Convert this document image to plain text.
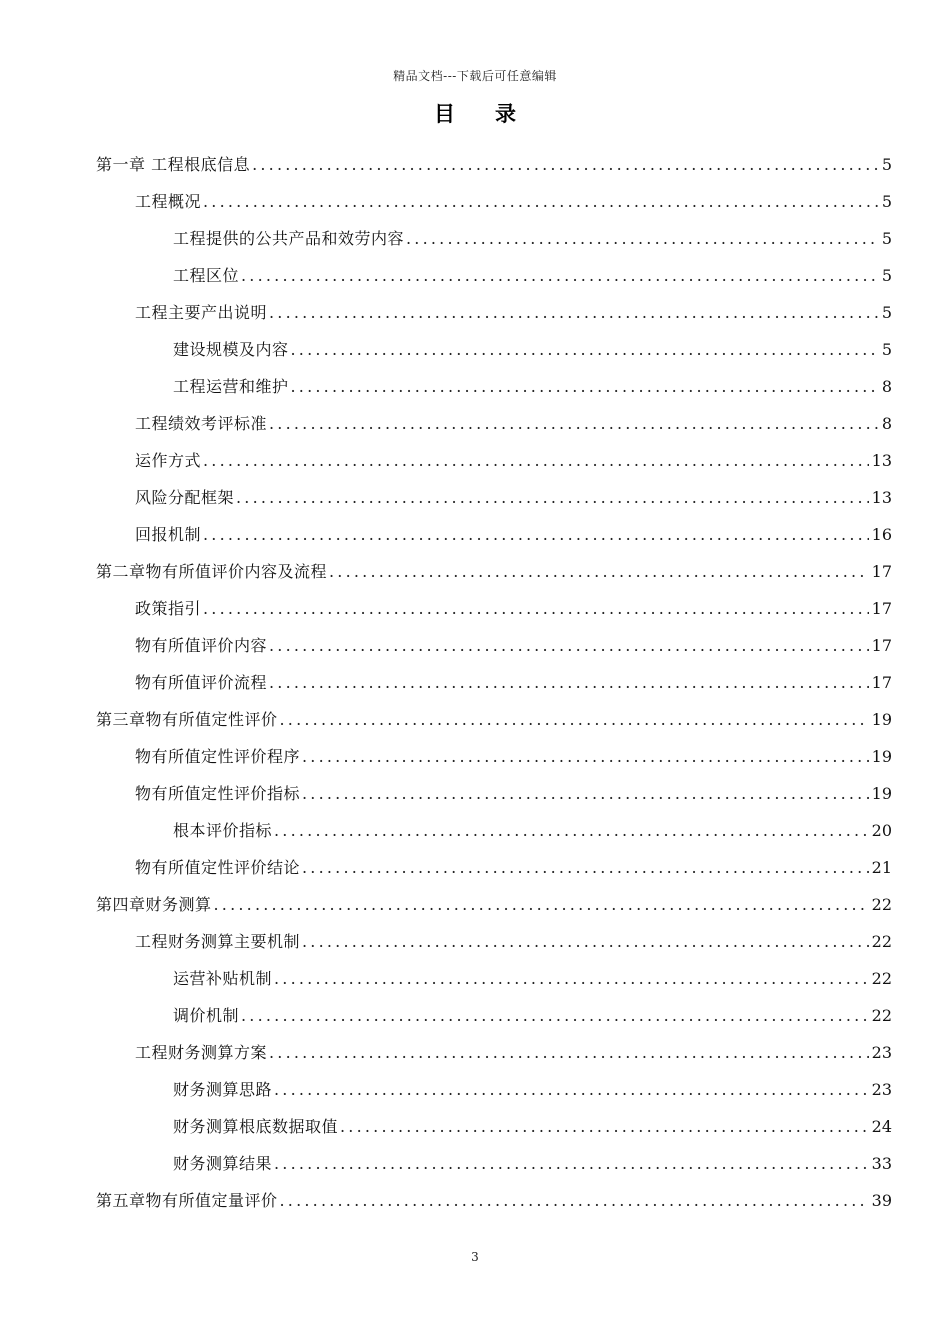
精品文档---下载后可任意编辑
目录
第一章 工程根底信息 .....	5
工程概况 .....	5
工程提供的公共产品和效劳内容 .....	5
工程区位 .....	5
工程主要产出说明 .....	5
建设规模及内容 .....	5
工程运营和维护 .....	8
工程绩效考评标准 .....	8
运作方式 .....	13
风险分配框架 .....	13
回报机制 .....	16
第二章物有所值评价内容及流程 .....	17
政策指引 .....	17
物有所值评价内容 .....	17
物有所值评价流程 .....	17
第三章物有所值定性评价 .....	19
物有所值定性评价程序 .....	19
物有所值定性评价指标 .....	19
根本评价指标 .....	20
物有所值定性评价结论 .....	21
第四章财务测算 .....	22
工程财务测算主要机制 .....	22
运营补贴机制 .....	22
调价机制 .....	22
工程财务测算方案 .....	23
财务测算思路 .....	23
财务测算根底数据取值 .....	24
财务测算结果 .....	33
第五章物有所值定量评价 .....	39
3
